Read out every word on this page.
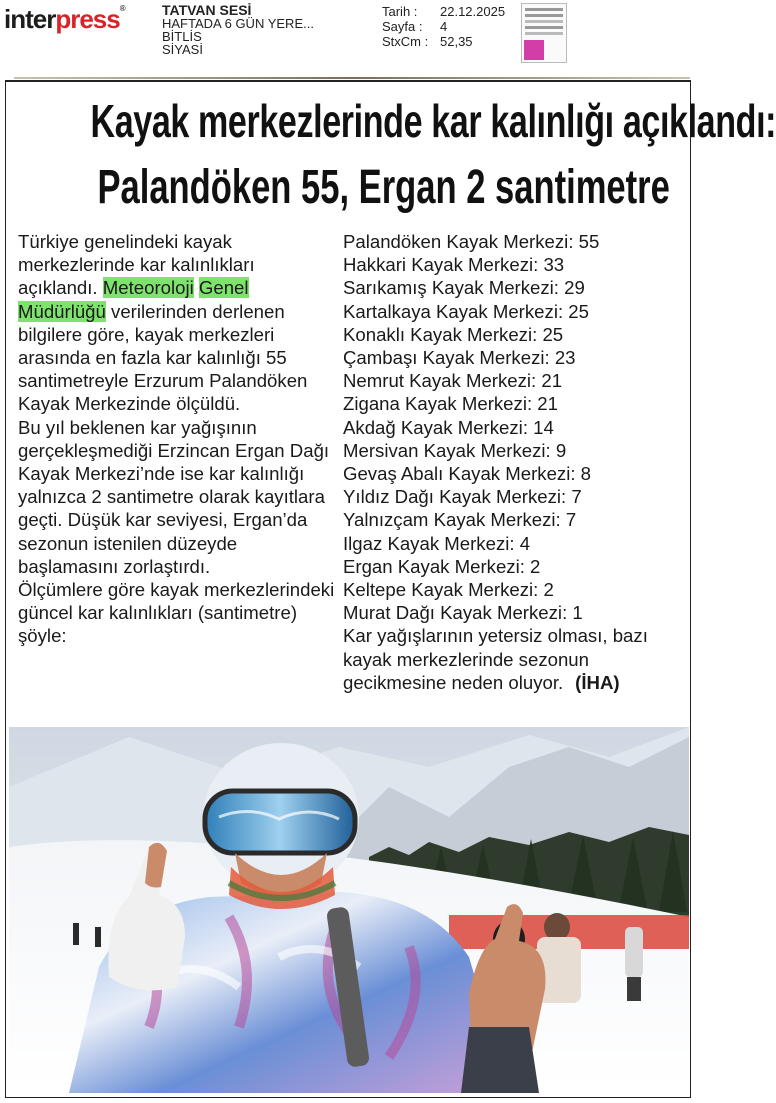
interpress®	TATVAN SESİ
HAFTADA 6 GÜN YERE...
BİTLİS
SİYASİ
Tarih :	22.12.2025
Sayfa :	4
StxCm : 52,35
Kayak merkezlerinde kar kalınlığı açıklandı:
Palandöken 55, Ergan 2 santimetre
Türkiye genelindeki kayak merkezlerinde kar kalınlıkları açıklandı. Meteoroloji Genel Müdürlüğü verilerinden derlenen bilgilere göre, kayak merkezleri arasında en fazla kar kalınlığı 55 santimetreyle Erzurum Palandöken Kayak Merkezinde ölçüldü.
Bu yıl beklenen kar yağışının gerçekleşmediği Erzincan Ergan Dağı Kayak Merkezi’nde ise kar kalınlığı yalnızca 2 santimetre olarak kayıtlara geçti. Düşük kar seviyesi, Ergan’da sezonun istenilen düzeyde başlamasını zorlaştırdı.
Ölçümlere göre kayak merkezlerindeki güncel kar kalınlıkları (santimetre) şöyle:
Palandöken Kayak Merkezi: 55
Hakkari Kayak Merkezi: 33
Sarıkamış Kayak Merkezi: 29
Kartalkaya Kayak Merkezi: 25
Konaklı Kayak Merkezi: 25
Çambaşı Kayak Merkezi: 23
Nemrut Kayak Merkezi: 21
Zigana Kayak Merkezi: 21
Akdağ Kayak Merkezi: 14
Mersivan Kayak Merkezi: 9
Gevaş Abalı Kayak Merkezi: 8
Yıldız Dağı Kayak Merkezi: 7
Yalnızçam Kayak Merkezi: 7
Ilgaz Kayak Merkezi: 4
Ergan Kayak Merkezi: 2
Keltepe Kayak Merkezi: 2
Murat Dağı Kayak Merkezi: 1
Kar yağışlarının yetersiz olması, bazı kayak merkezlerinde sezonun gecikmesine neden oluyor. (İHA)
